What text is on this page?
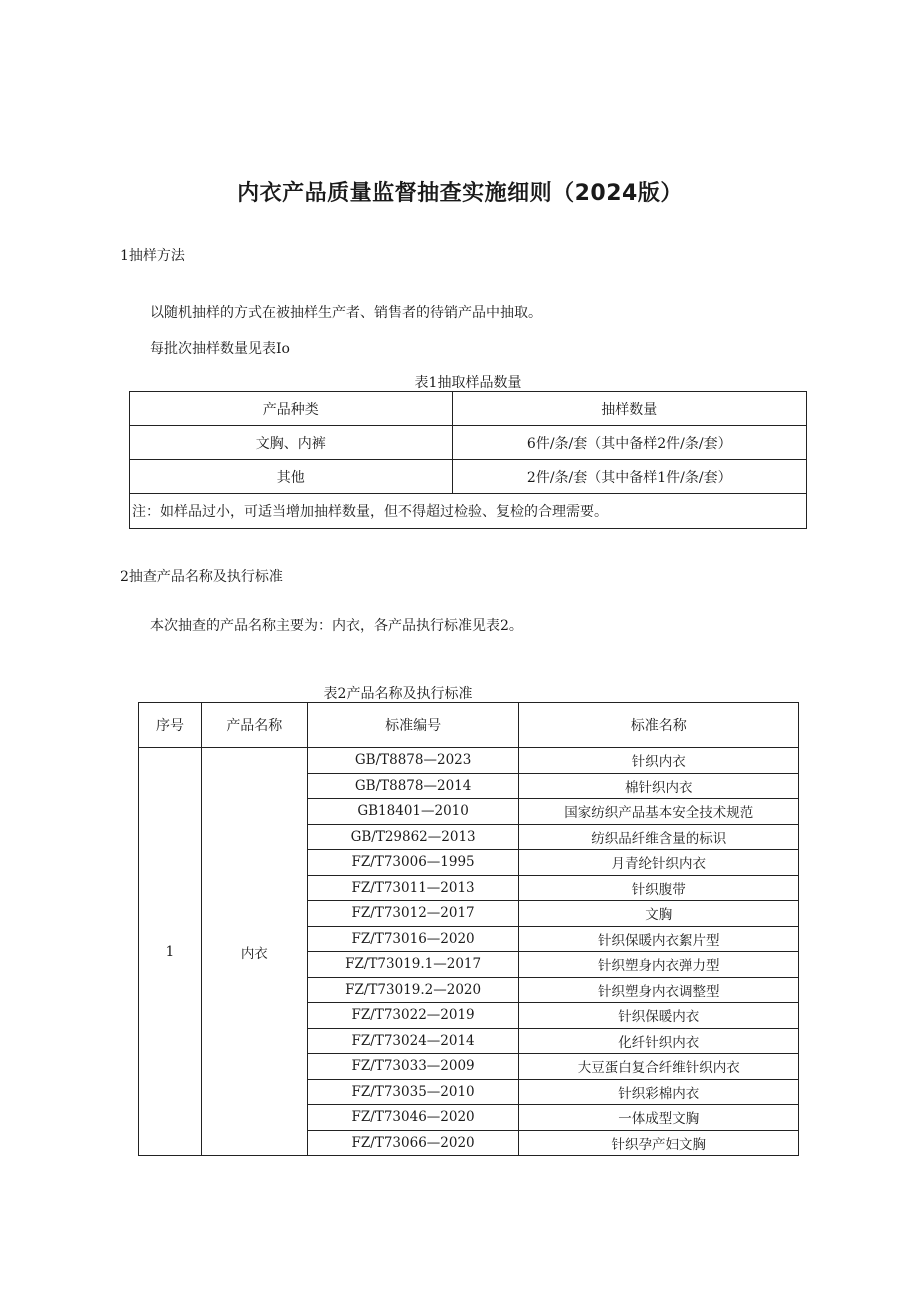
内衣产品质量监督抽查实施细则（2024版）
1抽样方法
以随机抽样的方式在被抽样生产者、销售者的待销产品中抽取。
每批次抽样数量见表Io
表1抽取样品数量
产品种类	抽样数量
文胸、内裤	6件/条/套（其中备样2件/条/套）
其他	2件/条/套（其中备样1件/条/套）
注：如样品过小，可适当增加抽样数量，但不得超过检验、复检的合理需要。	
2抽查产品名称及执行标准
本次抽查的产品名称主要为：内衣，各产品执行标准见表2。
表2产品名称及执行标准
序号	产品名称	标准编号	标准名称
1	内衣	GB/T8878—2023	针织内衣
		GB/T8878—2014	棉针织内衣
		GB18401—2010	国家纺织产品基本安全技术规范
		GB/T29862—2013	纺织品纤维含量的标识
		FZ/T73006—1995	月青纶针织内衣
		FZ/T73011—2013	针织腹带
		FZ/T73012—2017	文胸
		FZ/T73016—2020	针织保暖内衣絮片型
		FZ/T73019.1—2017	针织塑身内衣弹力型
		FZ/T73019.2—2020	针织塑身内衣调整型
		FZ/T73022—2019	针织保暖内衣
		FZ/T73024—2014	化纤针织内衣
		FZ/T73033—2009	大豆蛋白复合纤维针织内衣
		FZ/T73035—2010	针织彩棉内衣
		FZ/T73046—2020	一体成型文胸
		FZ/T73066—2020	针织孕产妇文胸
